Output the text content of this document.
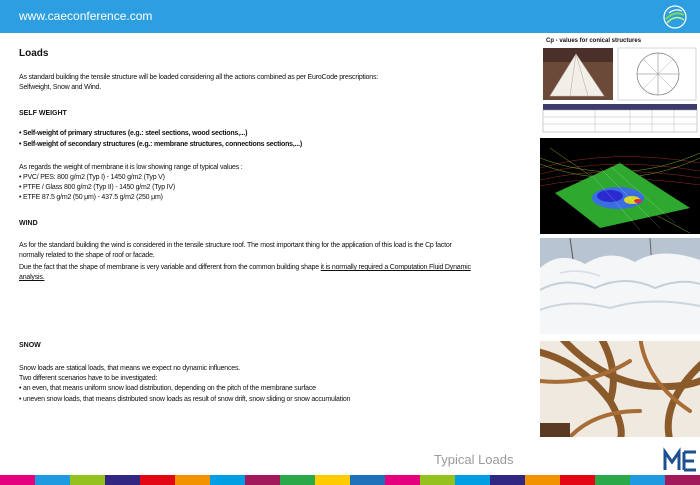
www.caeconference.com
Loads
As standard building the tensile structure will be loaded considering all the actions combined as per EuroCode prescriptions:
Selfweight, Snow and Wind.
SELF WEIGHT
• Self-weight of primary structures (e.g.: steel sections, wood sections,...)
• Self-weight of secondary structures (e.g.: membrane structures, connections sections,...)
As regards the weight of membrane it is low showing range of typical values :
• PVC/ PES: 800 g/m2 (Typ I) - 1450 g/m2 (Typ V)
• PTFE / Glass 800 g/m2 (Typ II) - 1450 g/m2 (Typ IV)
• ETFE 87.5 g/m2 (50 μm) - 437.5 g/m2 (250 μm)
WIND
As for the standard building the wind is considered in the tensile structure roof. The most important thing for the application of this load is the Cp factor
normally related to the shape of roof or facade.
Due the fact that the shape of membrane is very variable and different from the common building shape it is normally required a Computation Fluid Dynamic
analysis.
SNOW
Snow loads are statical loads, that means we expect no dynamic influences.
Two different scenarios have to be investigated:
• an even, that means uniform snow load distribution, depending on the pitch of the membrane surface
• uneven snow loads, that means distributed snow loads as result of snow drift, snow sliding or snow accumulation
Cp - values for conical structures
Typical Loads
